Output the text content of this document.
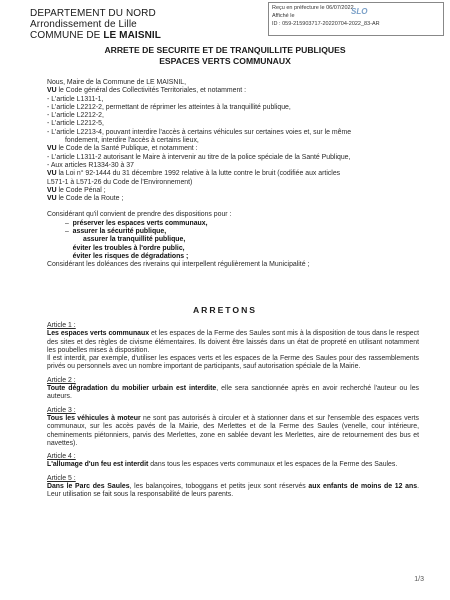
DEPARTEMENT DU NORD
Arrondissement de Lille
COMMUNE DE LE MAISNIL
Reçu en préfecture le 06/07/2022
Affiché le
ID : 059-215903717-20220704-2022_83-AR
SLO
ARRETE DE SECURITE ET DE TRANQUILLITE PUBLIQUES
ESPACES VERTS COMMUNAUX

Nous, Maire de la Commune de LE MAISNIL,

VU le Code général des Collectivités Territoriales, et notamment :

- L'article L1311-1,

- L'article L2212-2, permettant de réprimer les atteintes à la tranquillité publique,

- L'article L2212-2,

- L'article L2212-5,

- L'article L2213-4, pouvant interdire l'accès à certains véhicules sur certaines voies et, sur le même

fondement, interdire l'accès à certains lieux,

VU le Code de la Santé Publique, et notamment :

- L'article L1311-2 autorisant le Maire à intervenir au titre de la police spéciale de la Santé Publique,

- Aux articles R1334-30 à 37

VU la Loi n° 92-1444 du 31 décembre 1992 relative à la lutte contre le bruit (codifiée aux articles

L571-1 à L571-26 du Code de l'Environnement)

VU le Code Pénal ;

VU le Code de la Route ;

Considérant qu'il convient de prendre des dispositions pour :

–  préserver les espaces verts communaux,

–  assurer la sécurité publique,

assurer la tranquillité publique,

éviter les troubles à l'ordre public,

éviter les risques de dégradations ;

Considérant les doléances des riverains qui interpellent régulièrement la Municipalité ;

ARRETONS
Article 1 :

Les espaces verts communaux et les espaces de la Ferme des Saules sont mis à la disposition de tous dans le respect des sites et des règles de civisme élémentaires. Ils doivent être laissés dans un état de propreté en utilisant notamment les poubelles mises à disposition.

Il est interdit, par exemple, d'utiliser les espaces verts et les espaces de la Ferme des Saules pour des rassemblements privés ou personnels avec un nombre important de participants, sauf autorisation spéciale de la Mairie.

Article 2 :

Toute dégradation du mobilier urbain est interdite, elle sera sanctionnée après en avoir recherché l'auteur ou les auteurs.

Article 3 :

Tous les véhicules à moteur ne sont pas autorisés à circuler et à stationner dans et sur l'ensemble des espaces verts communaux, sur les accès pavés de la Mairie, des Merlettes et de la Ferme des Saules (venelle, cour intérieure, cheminements piétonniers, parvis des Merlettes, zone en sablée devant les Merlettes, aire de retournement des bus et navettes).

Article 4 :

L'allumage d'un feu est interdit dans tous les espaces verts communaux et les espaces de la Ferme des Saules.

Article 5 :

Dans le Parc des Saules, les balançoires, toboggans et petits jeux sont réservés aux enfants de moins de 12 ans. Leur utilisation se fait sous la responsabilité de leurs parents.

1/3
